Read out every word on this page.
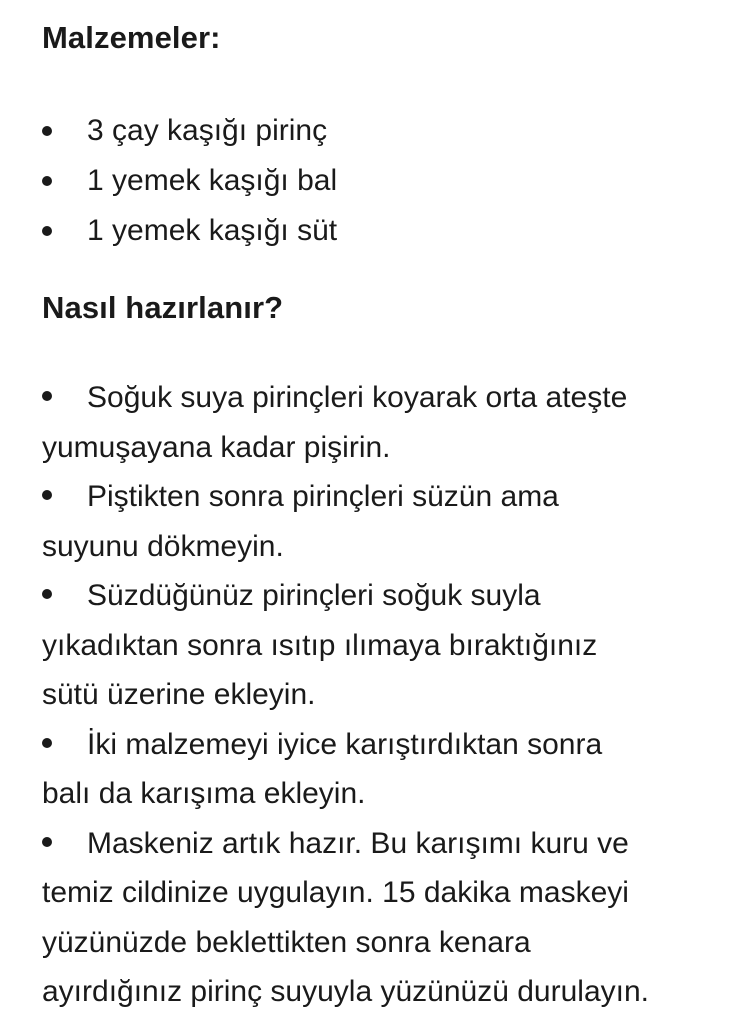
Malzemeler:
3 çay kaşığı pirinç
1 yemek kaşığı bal
1 yemek kaşığı süt
Nasıl hazırlanır?
Soğuk suya pirinçleri koyarak orta ateşte
yumuşayana kadar pişirin.
Piştikten sonra pirinçleri süzün ama
suyunu dökmeyin.
Süzdüğünüz pirinçleri soğuk suyla
yıkadıktan sonra ısıtıp ılımaya bıraktığınız
sütü üzerine ekleyin.
İki malzemeyi iyice karıştırdıktan sonra
balı da karışıma ekleyin.
Maskeniz artık hazır. Bu karışımı kuru ve
temiz cildinize uygulayın. 15 dakika maskeyi
yüzünüzde beklettikten sonra kenara
ayırdığınız pirinç suyuyla yüzünüzü durulayın.
